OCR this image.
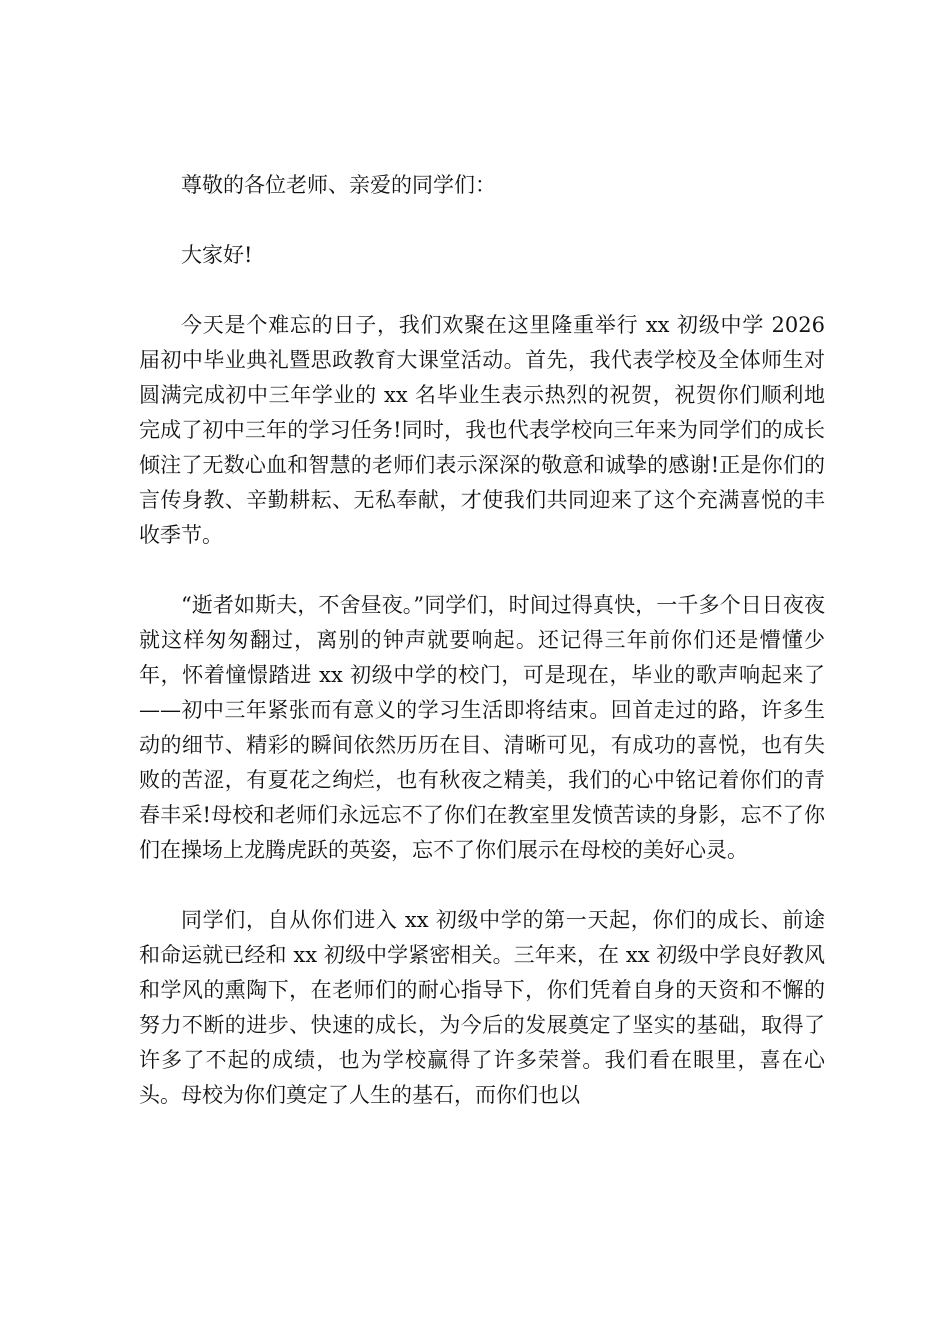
尊敬的各位老师、亲爱的同学们：

大家好!

今天是个难忘的日子，我们欢聚在这里隆重举行 xx 初级中学 2026 届初中毕业典礼暨思政教育大课堂活动。首先，我代表学校及全体师生对圆满完成初中三年学业的 xx 名毕业生表示热烈的祝贺，祝贺你们顺利地完成了初中三年的学习任务!同时，我也代表学校向三年来为同学们的成长倾注了无数心血和智慧的老师们表示深深的敬意和诚挚的感谢!正是你们的言传身教、辛勤耕耘、无私奉献，才使我们共同迎来了这个充满喜悦的丰收季节。

“逝者如斯夫，不舍昼夜。”同学们，时间过得真快，一千多个日日夜夜就这样匆匆翻过，离别的钟声就要响起。还记得三年前你们还是懵懂少年，怀着憧憬踏进 xx 初级中学的校门，可是现在，毕业的歌声响起来了——初中三年紧张而有意义的学习生活即将结束。回首走过的路，许多生动的细节、精彩的瞬间依然历历在目、清晰可见，有成功的喜悦，也有失败的苦涩，有夏花之绚烂，也有秋夜之精美，我们的心中铭记着你们的青春丰采!母校和老师们永远忘不了你们在教室里发愤苦读的身影，忘不了你们在操场上龙腾虎跃的英姿，忘不了你们展示在母校的美好心灵。

同学们，自从你们进入 xx 初级中学的第一天起，你们的成长、前途和命运就已经和 xx 初级中学紧密相关。三年来，在 xx 初级中学良好教风和学风的熏陶下，在老师们的耐心指导下，你们凭着自身的天资和不懈的努力不断的进步、快速的成长，为今后的发展奠定了坚实的基础，取得了许多了不起的成绩，也为学校赢得了许多荣誉。我们看在眼里，喜在心头。母校为你们奠定了人生的基石，而你们也以
